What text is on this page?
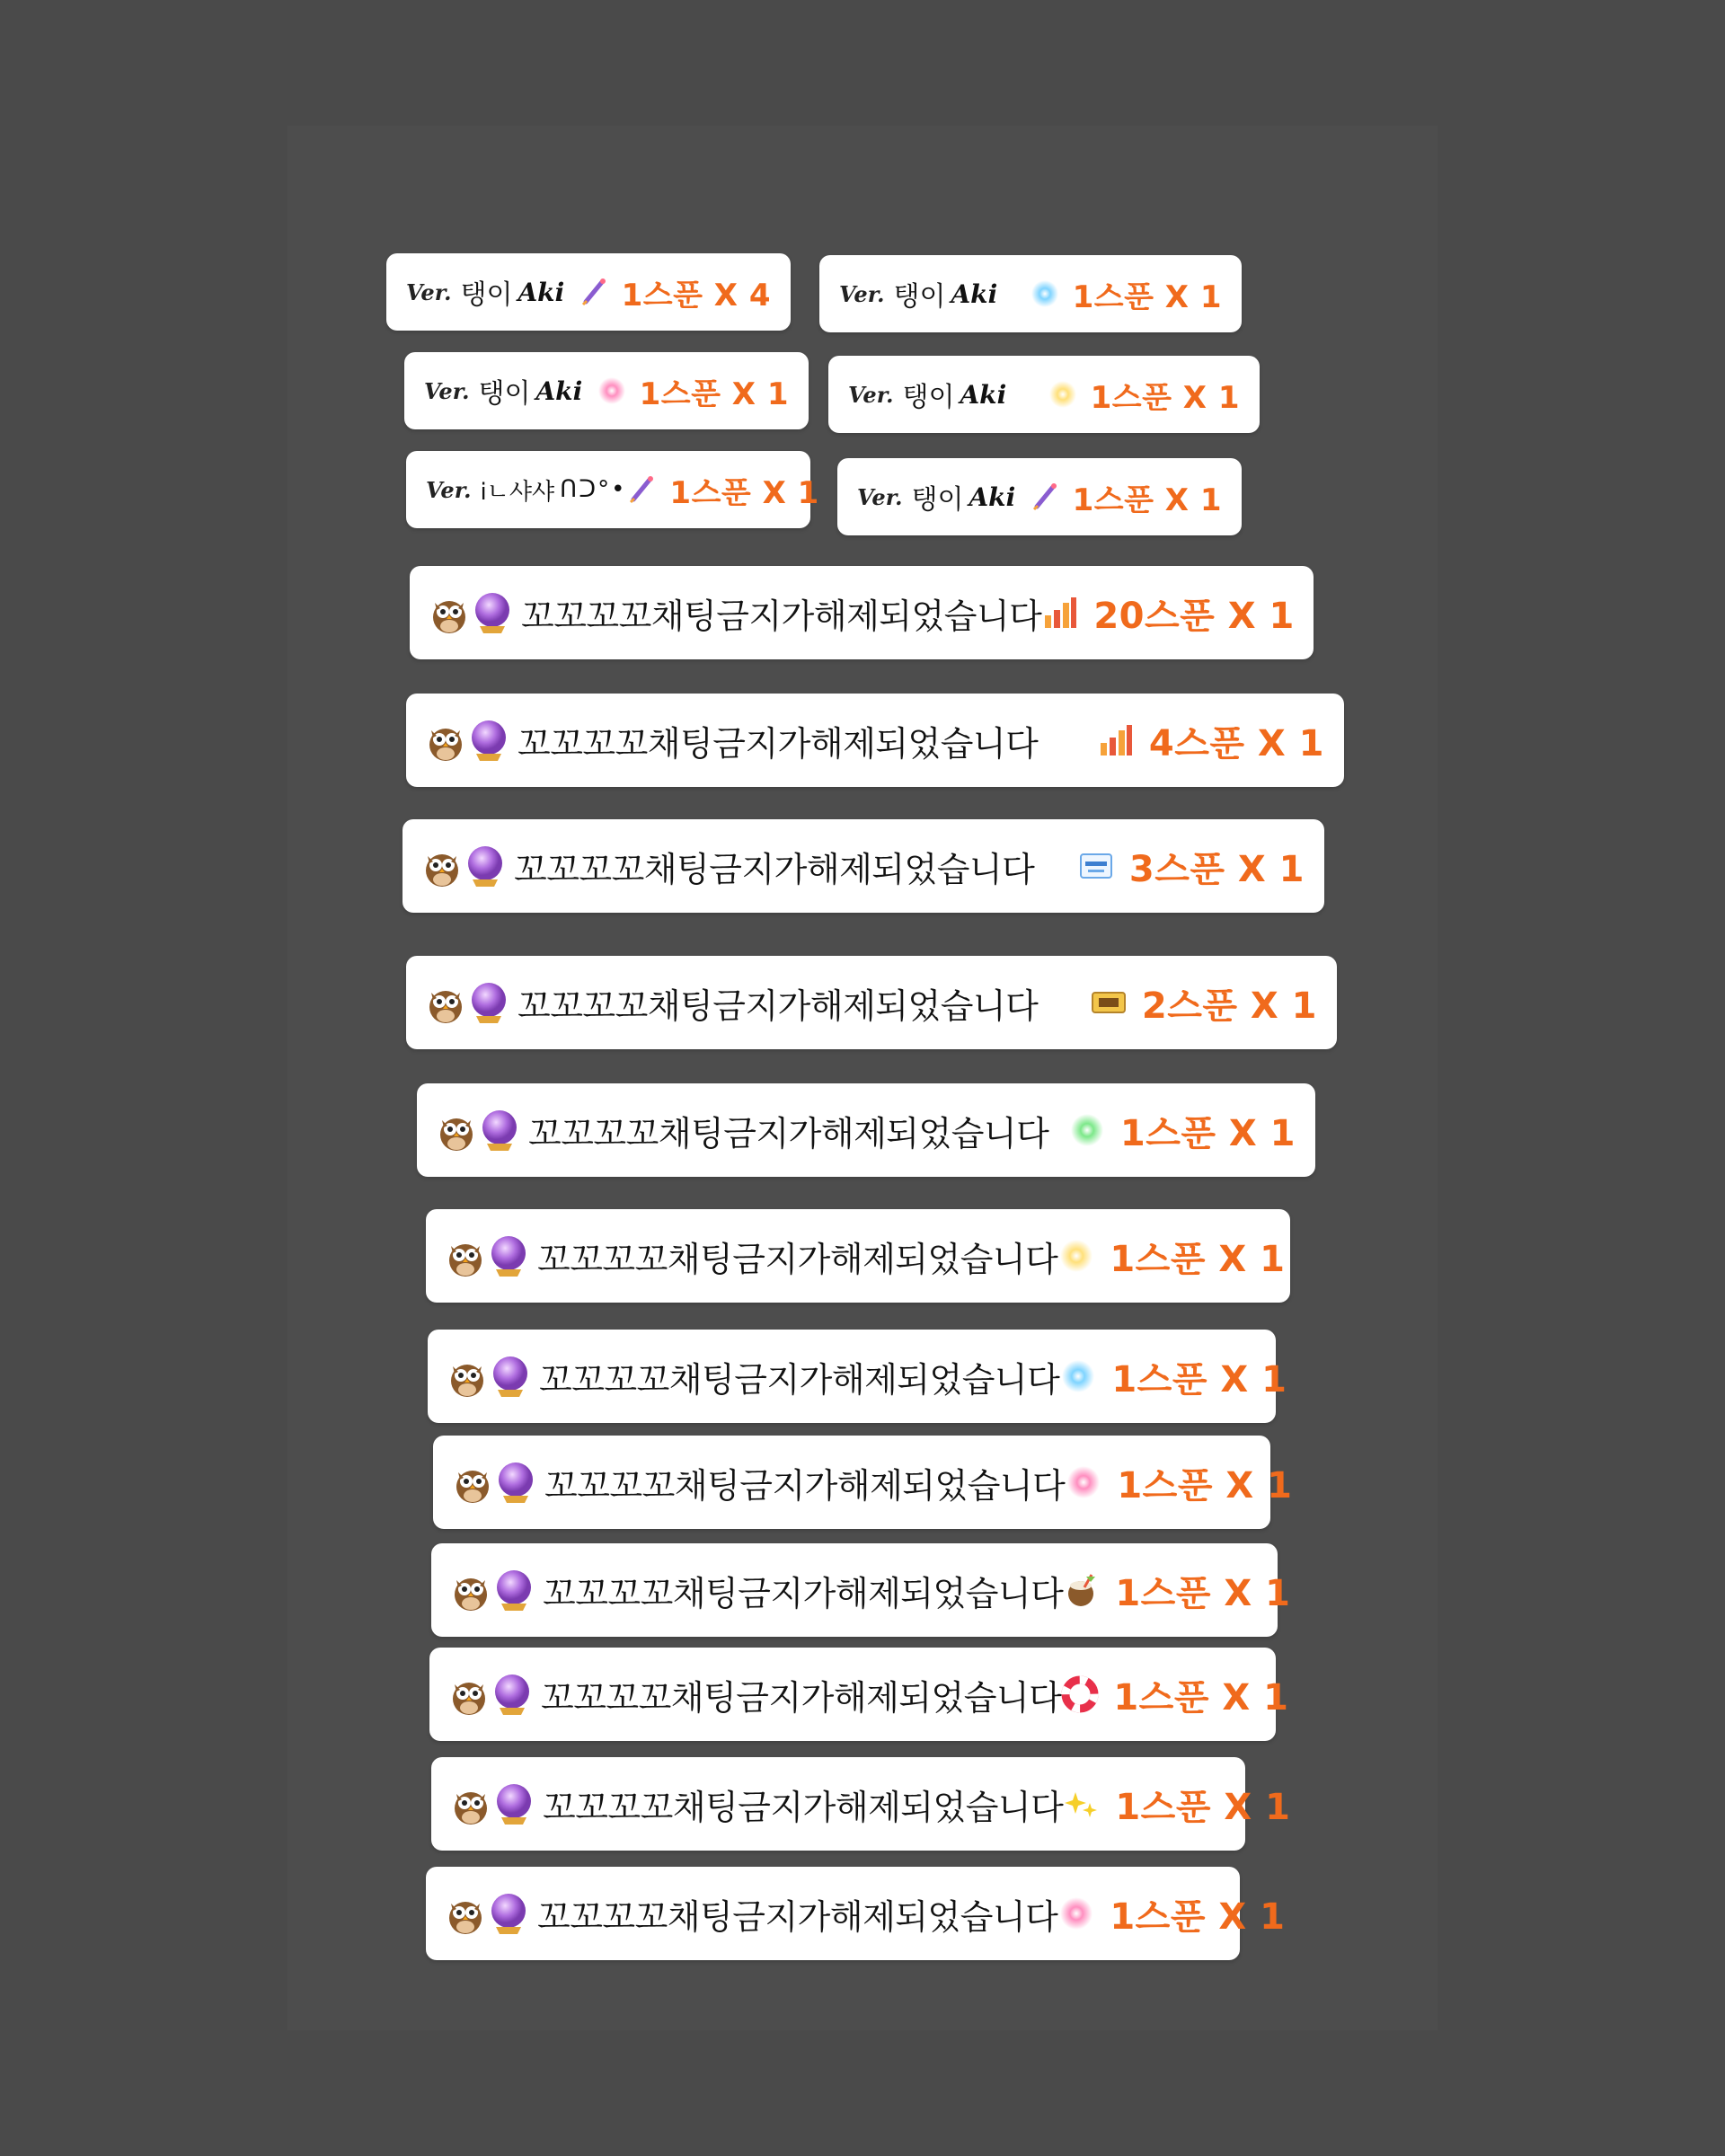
Ver. 탱이 Aki 1스푼 X 4	Ver. 탱이 Aki 1스푼 X 1
Ver. 탱이 Aki 1스푼 X 1	Ver. 탱이 Aki	1스푼 X 1
Ver. iㄴ샤샤 ᑎᑐ°• 1스푼 X 1 Ver. 탱이 Aki 1스푼 X 1
꼬꼬꼬꼬채팅금지가해제되었습니다 20스푼 X 1
꼬꼬꼬꼬채팅금지가해제되었습니다	4스푼 X 1
꼬꼬꼬꼬채팅금지가해제되었습니다	3스푼 X 1
꼬꼬꼬꼬채팅금지가해제되었습니다	2스푼 X 1
꼬꼬꼬꼬채팅금지가해제되었습니다 1스푼 X 1
꼬꼬꼬꼬채팅금지가해제되었습니다 1스푼 X 1
꼬꼬꼬꼬채팅금지가해제되었습니다 1스푼 X 1
꼬꼬꼬꼬채팅금지가해제되었습니다 1스푼 X 1
꼬꼬꼬꼬채팅금지가해제되었습니다 1스푼 X 1
꼬꼬꼬꼬채팅금지가해제되었습니다 1스푼 X 1
꼬꼬꼬꼬채팅금지가해제되었습니다 1스푼 X 1
꼬꼬꼬꼬채팅금지가해제되었습니다 1스푼 X 1
